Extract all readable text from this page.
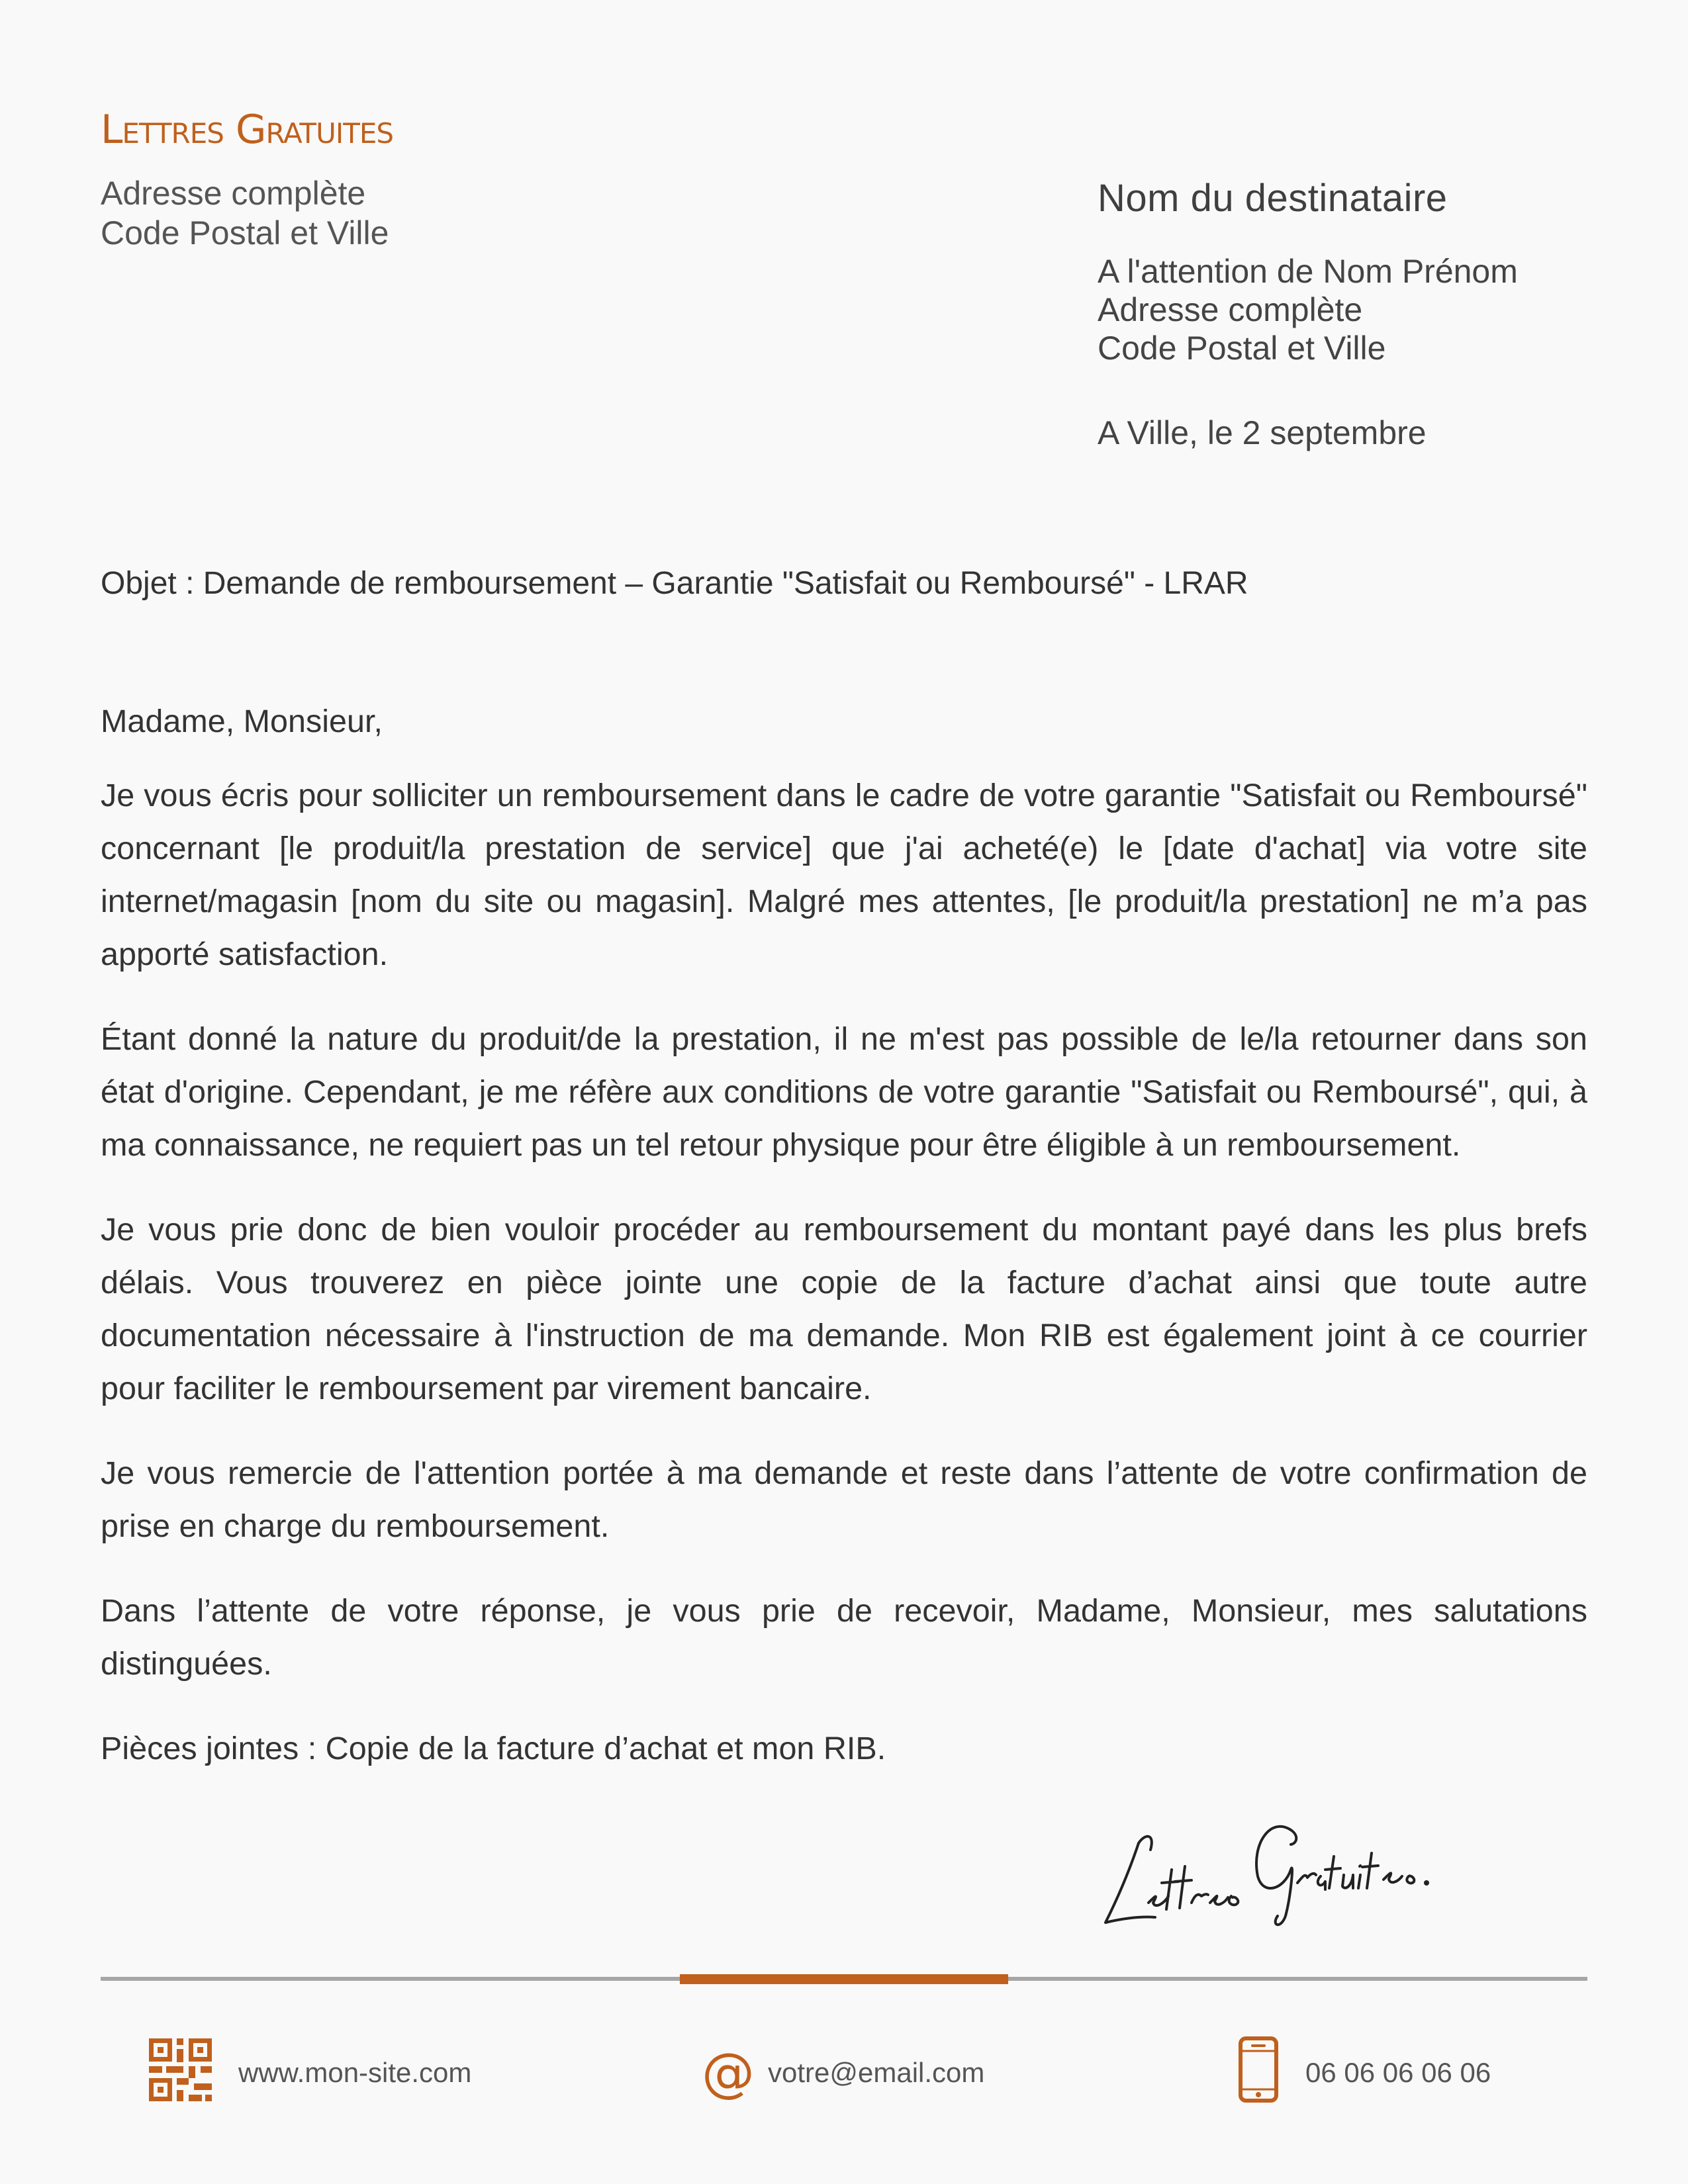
Lettres Gratuites
Adresse complète
Code Postal et Ville
Nom du destinataire
A l'attention de Nom Prénom
Adresse complète
Code Postal et Ville
A Ville, le 2 septembre
Objet : Demande de remboursement – Garantie "Satisfait ou Remboursé" - LRAR

Madame, Monsieur,

Je vous écris pour solliciter un remboursement dans le cadre de votre garantie "Satisfait ou Remboursé" concernant [le produit/la prestation de service] que j'ai acheté(e) le [date d'achat] via votre site internet/magasin [nom du site ou magasin]. Malgré mes attentes, [le produit/la prestation] ne m’a pas apporté satisfaction.

Étant donné la nature du produit/de la prestation, il ne m'est pas possible de le/la retourner dans son état d'origine. Cependant, je me réfère aux conditions de votre garantie "Satisfait ou Remboursé", qui, à ma connaissance, ne requiert pas un tel retour physique pour être éligible à un remboursement.

Je vous prie donc de bien vouloir procéder au remboursement du montant payé dans les plus brefs délais. Vous trouverez en pièce jointe une copie de la facture d’achat ainsi que toute autre documentation nécessaire à l'instruction de ma demande. Mon RIB est également joint à ce courrier pour faciliter le remboursement par virement bancaire.

Je vous remercie de l'attention portée à ma demande et reste dans l’attente de votre confirmation de prise en charge du remboursement.

Dans l’attente de votre réponse, je vous prie de recevoir, Madame, Monsieur, mes salutations distinguées.

Pièces jointes : Copie de la facture d’achat et mon RIB.

www.mon-site.com	@ votre@email.com	06 06 06 06 06
